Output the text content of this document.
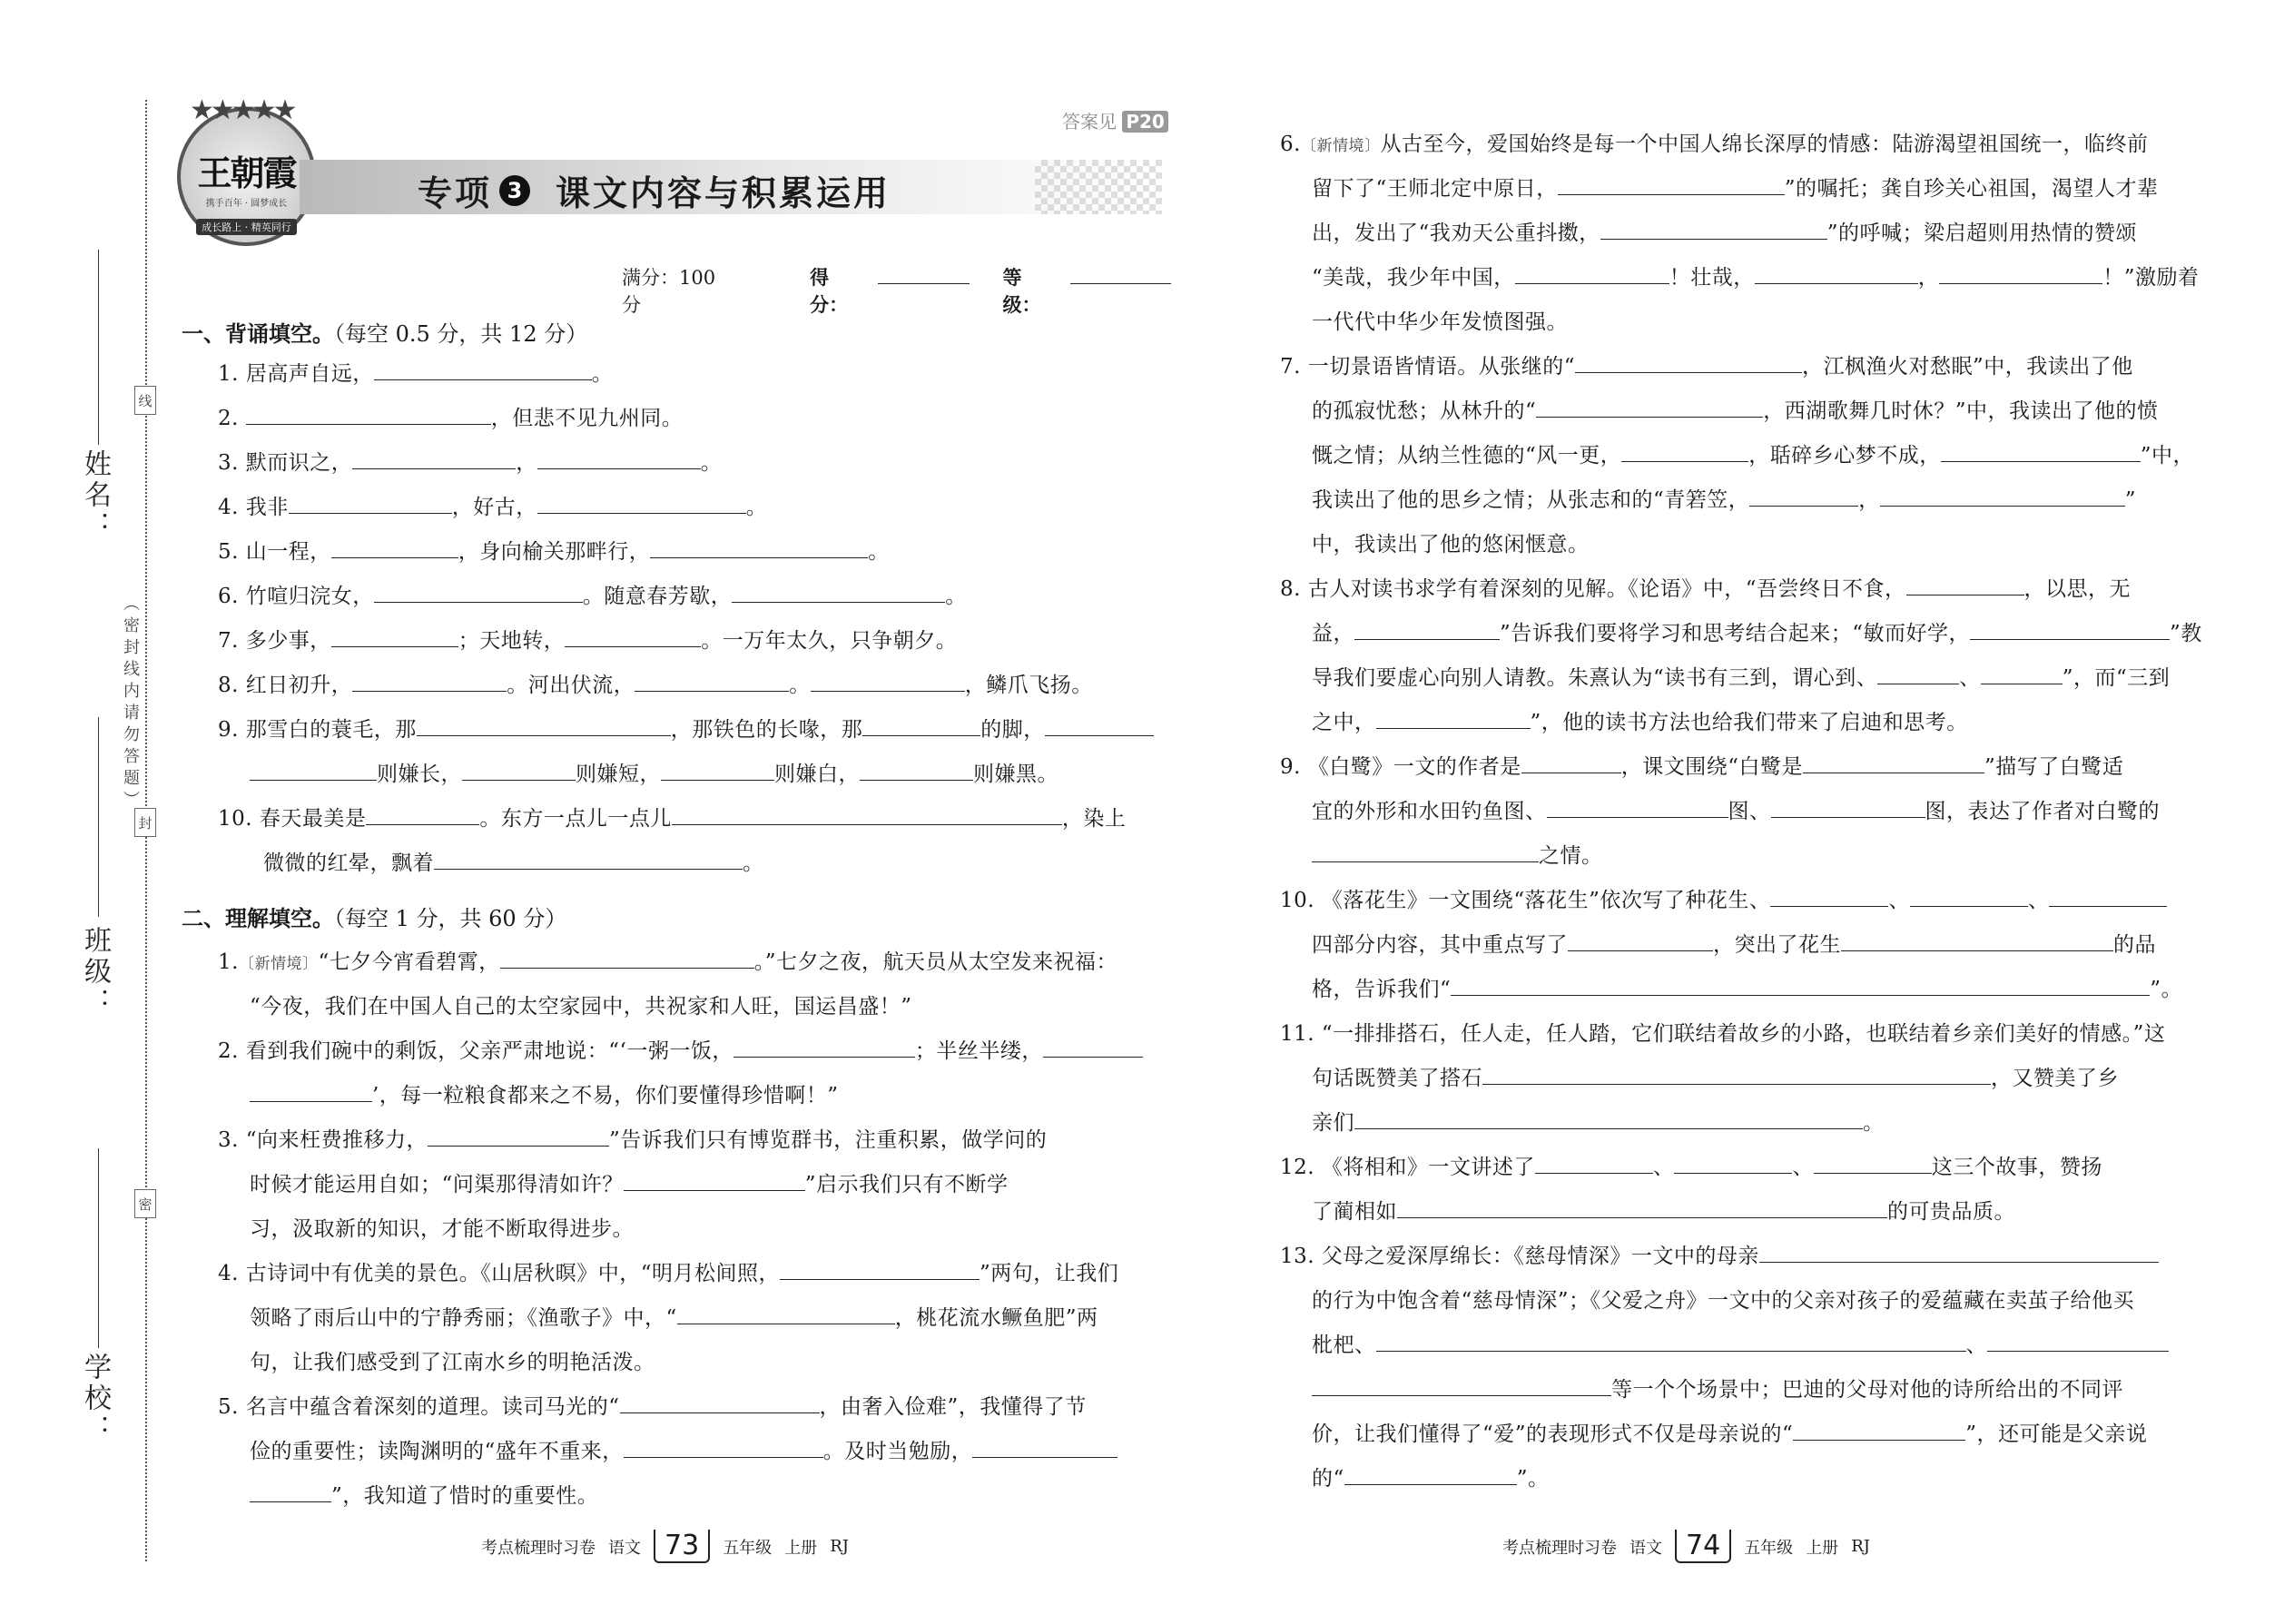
线
封
密
（密封线内请勿答题）
姓名：
班级：
学校：
★★★★★
王朝霞
携手百年 · 圆梦成长
成长路上 · 精英同行
答案见 P20
专项 3 课文内容与积累运用
满分：100 分
得分：
等级：
一、背诵填空。（每空 0.5 分，共 12 分）
1. 居高声自远，	。
2.	，但悲不见九州同。
3. 默而识之，	，	。
4. 我非	，好古，	。
5. 山一程，	，身向榆关那畔行，	。
6. 竹喧归浣女，	。随意春芳歇，	。
7. 多少事，	；天地转，	。一万年太久，只争朝夕。
8. 红日初升，	。河出伏流，	。	，鳞爪飞扬。
9. 那雪白的蓑毛，那	，那铁色的长喙，那	的脚，
则嫌长，	则嫌短，	则嫌白，	则嫌黑。
10. 春天最美是	。东方一点儿一点儿	，染上
微微的红晕，飘着	。
二、理解填空。（每空 1 分，共 60 分）
1.〔新情境〕“七夕今宵看碧霄，	。”七夕之夜，航天员从太空发来祝福：
“今夜，我们在中国人自己的太空家园中，共祝家和人旺，国运昌盛！”
2. 看到我们碗中的剩饭，父亲严肃地说：“‘一粥一饭，	；半丝半缕，
’，每一粒粮食都来之不易，你们要懂得珍惜啊！”
3. “向来枉费推移力，	”告诉我们只有博览群书，注重积累，做学问的
时候才能运用自如；“问渠那得清如许？	”启示我们只有不断学
习，汲取新的知识，才能不断取得进步。
4. 古诗词中有优美的景色。《山居秋暝》中，“明月松间照，	”两句，让我们
领略了雨后山中的宁静秀丽；《渔歌子》中，“	，桃花流水鳜鱼肥”两
句，让我们感受到了江南水乡的明艳活泼。
5. 名言中蕴含着深刻的道理。读司马光的“	，由奢入俭难”，我懂得了节
俭的重要性；读陶渊明的“盛年不重来，	。及时当勉励，
”，我知道了惜时的重要性。
考点梳理时习卷 语文 73	五年级 上册 RJ
6.〔新情境〕从古至今，爱国始终是每一个中国人绵长深厚的情感：陆游渴望祖国统一，临终前
留下了“王师北定中原日，	”的嘱托；龚自珍关心祖国，渴望人才辈
出，发出了“我劝天公重抖擞，	”的呼喊；梁启超则用热情的赞颂
“美哉，我少年中国，	！壮哉，	，	！”激励着
一代代中华少年发愤图强。
7. 一切景语皆情语。从张继的“	，江枫渔火对愁眠”中，我读出了他
的孤寂忧愁；从林升的“	，西湖歌舞几时休？”中，我读出了他的愤
慨之情；从纳兰性德的“风一更，	，聒碎乡心梦不成，	”中，
我读出了他的思乡之情；从张志和的“青箬笠，	，	”
中，我读出了他的悠闲惬意。
8. 古人对读书求学有着深刻的见解。《论语》中，“吾尝终日不食，	，以思，无
益，	”告诉我们要将学习和思考结合起来；“敏而好学，	”教
导我们要虚心向别人请教。朱熹认为“读书有三到，谓心到、	、	”，而“三到
之中，	”，他的读书方法也给我们带来了启迪和思考。
9. 《白鹭》一文的作者是	，课文围绕“白鹭是	”描写了白鹭适
宜的外形和水田钓鱼图、	图、	图，表达了作者对白鹭的
之情。
10. 《落花生》一文围绕“落花生”依次写了种花生、	、	、
四部分内容，其中重点写了	，突出了花生	的品
格，告诉我们“	”。
11. “一排排搭石，任人走，任人踏，它们联结着故乡的小路，也联结着乡亲们美好的情感。”这
句话既赞美了搭石	，又赞美了乡
亲们	。
12. 《将相和》一文讲述了	、	、	这三个故事，赞扬
了蔺相如	的可贵品质。
13. 父母之爱深厚绵长：《慈母情深》一文中的母亲
的行为中饱含着“慈母情深”；《父爱之舟》一文中的父亲对孩子的爱蕴藏在卖茧子给他买
枇杷、	、
等一个个场景中；巴迪的父母对他的诗所给出的不同评
价，让我们懂得了“爱”的表现形式不仅是母亲说的“	”，还可能是父亲说
的“	”。
考点梳理时习卷 语文 74	五年级 上册 RJ
